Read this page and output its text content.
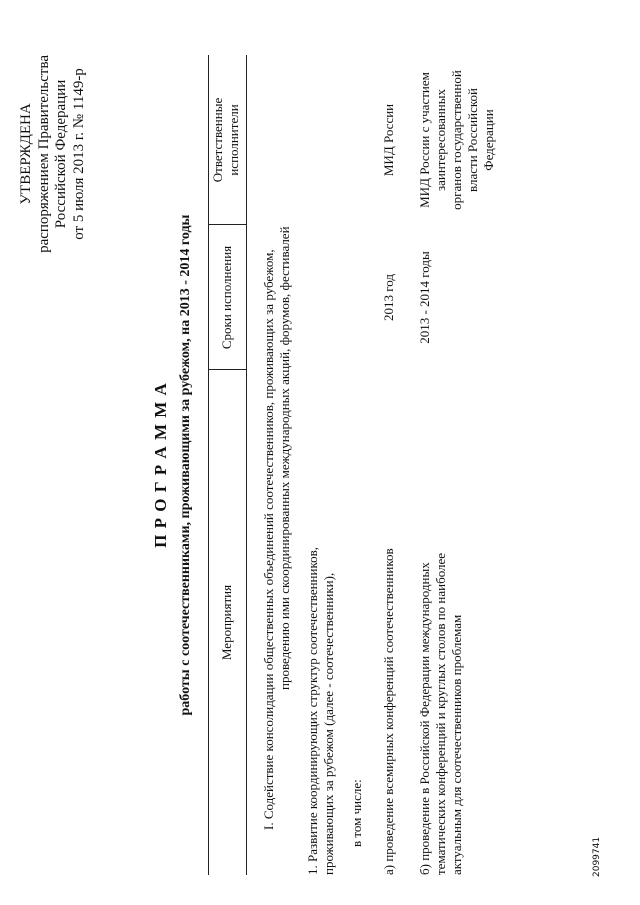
УТВЕРЖДЕНА распоряжением Правительства Российской Федерации от 5 июля 2013 г. № 1149-р
П Р О Г Р А М М А работы с соотечественниками, проживающими за рубежом, на 2013 - 2014 годы Мероприятия
Сроки исполнения
Ответственные исполнители
I. Содействие консолидации общественных объединений соотечественников, проживающих за рубежом, проведению ими скоординированных международных акций, форумов, фестивалей
1. Развитие координирующих структур соотечественников, проживающих за рубежом (далее - соотечественники), в том числе: а) проведение всемирных конференций соотечественников
2013 год
МИД России
б) проведение в Российской Федерации международных тематических конференций и круглых столов по наиболее актуальным для соотечественников проблемам
2013 - 2014 годы
МИД России с участием заинтересованных органов государственной власти Российской Федерации
2099741
